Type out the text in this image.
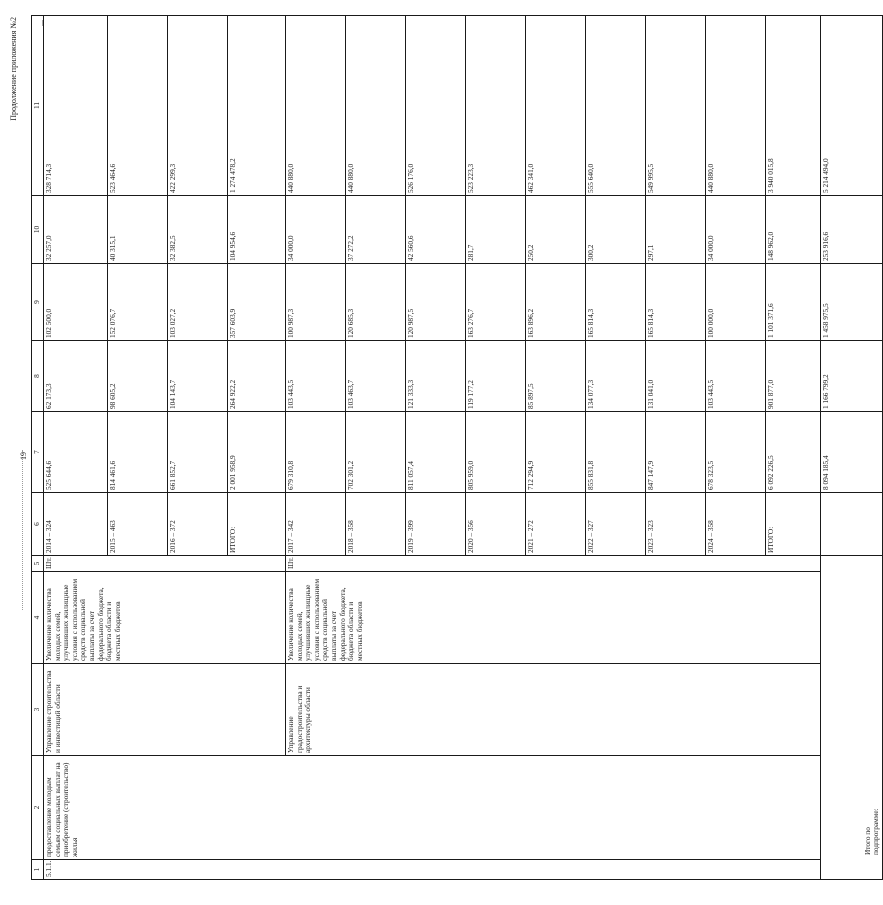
19
Продолжение приложения №2
1	2	3	4	5	6	7	8	9	10	11
5.1.1.	предоставление молодым семьям социальных выплат на приобретение (строительство) жилья	Управление строительства и инвестиций области	Увеличение количества молодых семей, улучшивших жилищные условия с использованием средств социальной выплаты за счет федерального бюджета, бюджета области и местных бюджетов	Шт.	2014 – 324	525 644,6	62 173,3	102 500,0	32 257,0	328 714,3
					2015 – 463	814 461,6	98 605,2	152 076,7	40 315,1	523 464,6
					2016 – 372	661 852,7	104 143,7	103 027,2	32 382,5	422 299,3
					ИТОГО:	2 001 958,9	264 922,2	357 603,9	104 954,6	1 274 478,2
		Управление градостроительства и архитектуры области	Увеличение количества молодых семей, улучшивших жилищные условия с использованием средств социальной выплаты за счет федерального бюджета, бюджета области и местных бюджетов	Шт.	2017 – 342	679 310,8	103 443,5	100 987,3	34 000,0	440 880,0
					2018 – 358	702 301,2	103 463,7	120 685,3	37 272,2	440 880,0
					2019 – 399	811 057,4	121 333,3	120 987,5	42 560,6	526 176,0
					2020 – 356	805 959,0	119 177,2	163 276,7	281,7	523 223,3
					2021 – 272	712 294,9	85 897,5	163 896,2	250,2	462 341,0
					2022 – 327	855 831,8	134 077,3	165 814,3	300,2	555 640,0
					2023 – 323	847 147,9	131 041,0	165 814,3	297,1	549 995,5
					2024 – 358	678 323,5	103 443,5	100 000,0	34 000,0	440 880,0
					ИТОГО:	6 092 226,5	901 877,0	1 101 371,6	148 962,0	3 940 015,8
Итого по подпрограмме:						8 094 185,4	1 166 799,2	1 458 975,5	253 916,6	5 214 494,0
